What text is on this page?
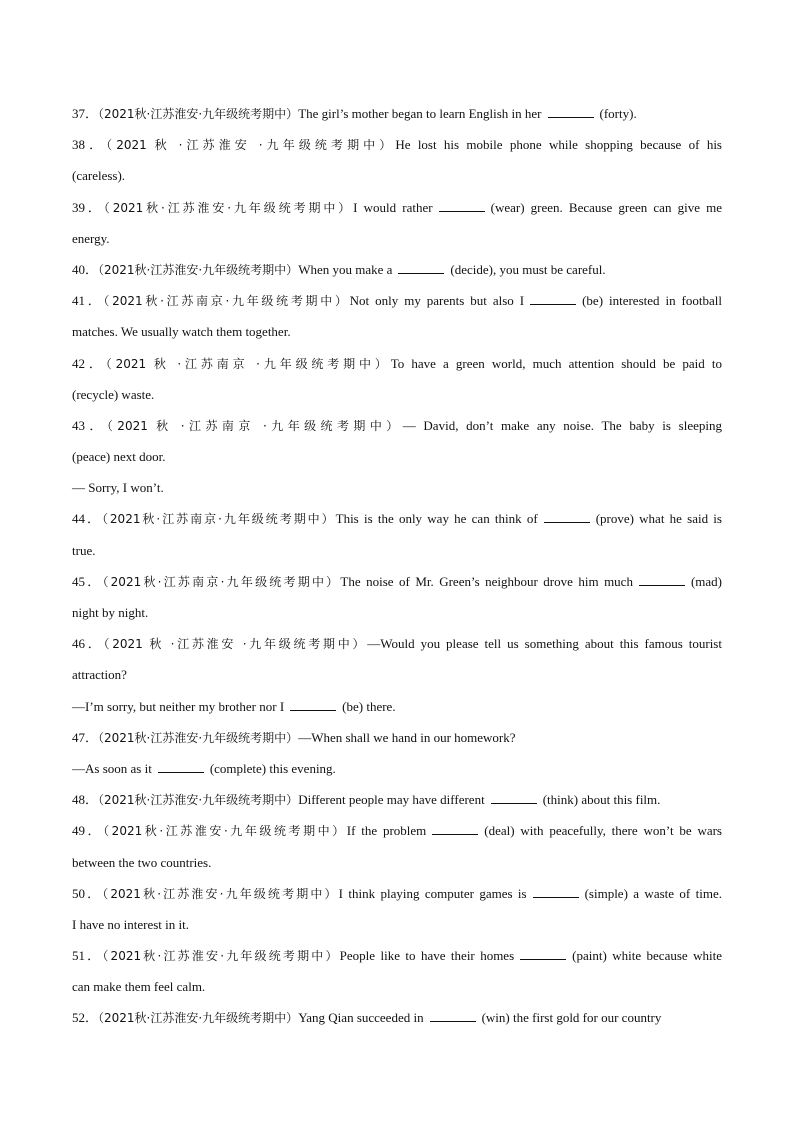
37．（2021秋·江苏淮安·九年级统考期中）The girl’s mother began to learn English in her	(forty).
38．（2021 秋 ·江苏淮安 ·九年级统考期中）He lost his mobile phone while shopping because of his
(careless).
39．（2021秋·江苏淮安·九年级统考期中）I would rather	(wear) green. Because green can give me
energy.
40．（2021秋·江苏淮安·九年级统考期中）When you make a	(decide), you must be careful.
41．（2021秋·江苏南京·九年级统考期中）Not only my parents but also I	(be) interested in football
matches. We usually watch them together.
42．（2021 秋 ·江苏南京 ·九年级统考期中）To have a green world, much attention should be paid to
(recycle) waste.
43．（2021 秋 ·江苏南京 ·九年级统考期中）— David, don’t make any noise. The baby is sleeping
(peace) next door.
— Sorry, I won’t.
44．（2021秋·江苏南京·九年级统考期中）This is the only way he can think of	(prove) what he said is
true.
45．（2021秋·江苏南京·九年级统考期中）The noise of Mr. Green’s neighbour drove him much	(mad)
night by night.
46．（2021 秋 ·江苏淮安 ·九年级统考期中）—Would you please tell us something about this famous tourist
attraction?
—I’m sorry, but neither my brother nor I	(be) there.
47．（2021秋·江苏淮安·九年级统考期中）—When shall we hand in our homework?
—As soon as it	(complete) this evening.
48．（2021秋·江苏淮安·九年级统考期中）Different people may have different	(think) about this film.
49．（2021秋·江苏淮安·九年级统考期中）If the problem	(deal) with peacefully, there won’t be wars
between the two countries.
50．（2021秋·江苏淮安·九年级统考期中）I think playing computer games is	(simple) a waste of time.
I have no interest in it.
51．（2021秋·江苏淮安·九年级统考期中）People like to have their homes	(paint) white because white
can make them feel calm.
52．（2021秋·江苏淮安·九年级统考期中）Yang Qian succeeded in	(win) the first gold for our country
